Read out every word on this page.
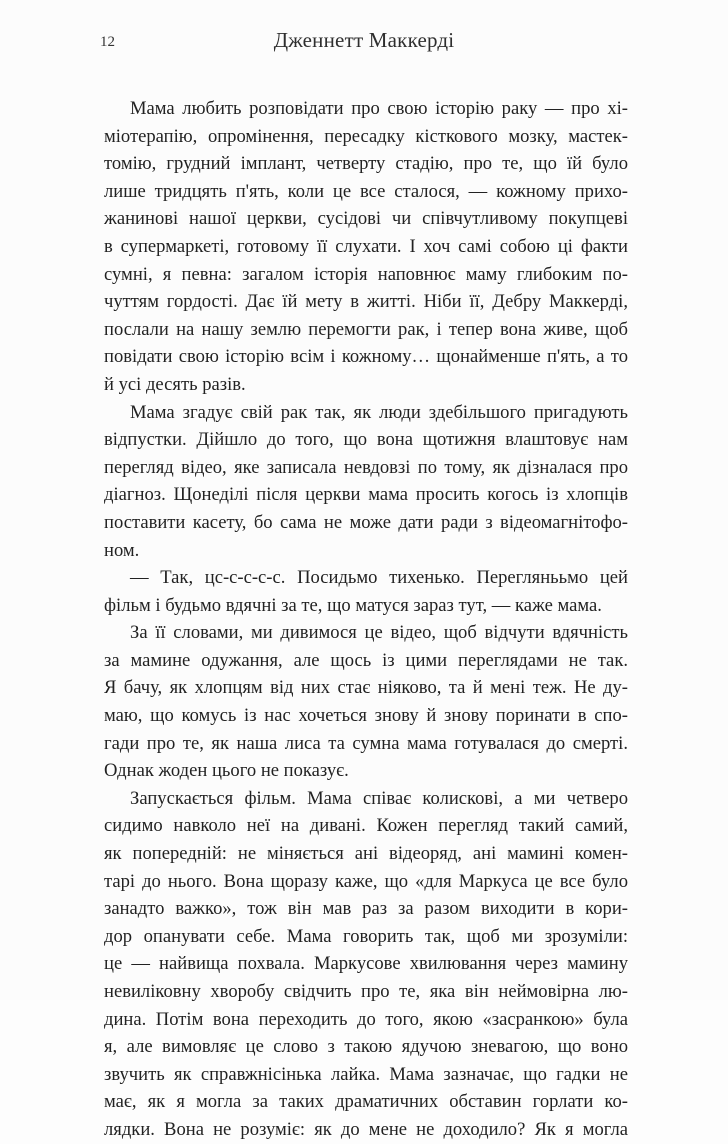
12	Дженнетт Маккерді
Мама любить розповідати про свою історію раку — про хі-
міотерапію, опромінення, пересадку кісткового мозку, мастек-
томію, грудний імплант, четверту стадію, про те, що їй було
лише тридцять п'ять, коли це все сталося, — кожному прихо-
жанинові нашої церкви, сусідові чи співчутливому покупцеві
в супермаркеті, готовому її слухати. І хоч самі собою ці факти
сумні, я певна: загалом історія наповнює маму глибоким по-
чуттям гордості. Дає їй мету в житті. Ніби її, Дебру Маккерді,
послали на нашу землю перемогти рак, і тепер вона живе, щоб
повідати свою історію всім і кожному… щонайменше п'ять, а то
й усі десять разів.
Мама згадує свій рак так, як люди здебільшого пригадують
відпустки. Дійшло до того, що вона щотижня влаштовує нам
перегляд відео, яке записала невдовзі по тому, як дізналася про
діагноз. Щонеділі після церкви мама просить когось із хлопців
поставити касету, бо сама не може дати ради з відеомагнітофо-
ном.
— Так, цс-с-с-с-с. Посидьмо тихенько. Переглянььмо цей
фільм і будьмо вдячні за те, що матуся зараз тут, — каже мама.
За її словами, ми дивимося це відео, щоб відчути вдячність
за мамине одужання, але щось із цими переглядами не так.
Я бачу, як хлопцям від них стає ніяково, та й мені теж. Не ду-
маю, що комусь із нас хочеться знову й знову поринати в спо-
гади про те, як наша лиса та сумна мама готувалася до смерті.
Однак жоден цього не показує.
Запускається фільм. Мама співає колискові, а ми четверо
сидимо навколо неї на дивані. Кожен перегляд такий самий,
як попередній: не міняється ані відеоряд, ані мамині комен-
тарі до нього. Вона щоразу каже, що «для Маркуса це все було
занадто важко», тож він мав раз за разом виходити в кори-
дор опанувати себе. Мама говорить так, щоб ми зрозуміли:
це — найвища похвала. Маркусове хвилювання через мамину
невиліковну хворобу свідчить про те, яка він неймовірна лю-
дина. Потім вона переходить до того, якою «засранкою» була
я, але вимовляє це слово з такою ядучою зневагою, що воно
звучить як справжнісінька лайка. Мама зазначає, що гадки не
має, як я могла за таких драматичних обставин горлати ко-
лядки. Вона не розуміє: як до мене не доходило? Як я могла
